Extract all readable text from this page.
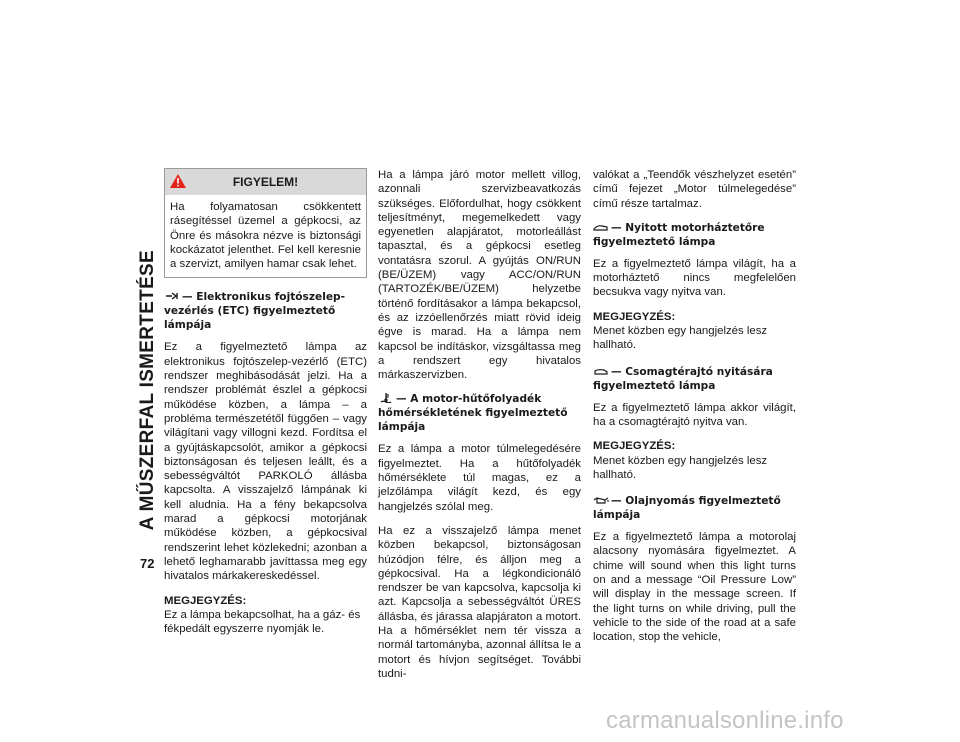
A MŰSZERFAL ISMERTETÉSE
72
FIGYELEM!
Ha folyamatosan csökkentett rásegítéssel üzemel a gépkocsi, az Önre és másokra nézve is biztonsági kockázatot jelenthet. Fel kell keresnie a szervizt, amilyen hamar csak lehet.
— Elektronikus fojtószelep-vezérlés (ETC) figyelmeztető lámpája

Ez a figyelmeztető lámpa az elektronikus fojtószelep-vezérlő (ETC) rendszer meghibásodását jelzi. Ha a rendszer problémát észlel a gépkocsi működése közben, a lámpa – a probléma természetétől függően – vagy világítani vagy villogni kezd. Fordítsa el a gyújtáskapcsolót, amikor a gépkocsi biztonságosan és teljesen leállt, és a sebességváltót PARKOLÓ állásba kapcsolta. A visszajelző lámpának ki kell aludnia. Ha a fény bekapcsolva marad a gépkocsi motorjának működése közben, a gépkocsival rendszerint lehet közlekedni; azonban a lehető leghamarabb javíttassa meg egy hivatalos márkakereskedéssel.

MEGJEGYZÉS:
Ez a lámpa bekapcsolhat, ha a gáz- és fékpedált egyszerre nyomják le.

Ha a lámpa járó motor mellett villog, azonnali szervizbeavatkozás szükséges. Előfordulhat, hogy csökkent teljesítményt, megemelkedett vagy egyenetlen alapjáratot, motorleállást tapasztal, és a gépkocsi esetleg vontatásra szorul. A gyújtás ON/RUN (BE/ÜZEM) vagy ACC/ON/RUN (TARTOZÉK/BE/ÜZEM) helyzetbe történő fordításakor a lámpa bekapcsol, és az izzóellenőrzés miatt rövid ideig égve is marad. Ha a lámpa nem kapcsol be indításkor, vizsgáltassa meg a rendszert egy hivatalos márkaszervizben.

— A motor-hűtőfolyadék hőmérsékletének figyelmeztető lámpája

Ez a lámpa a motor túlmelegedésére figyelmeztet. Ha a hűtőfolyadék hőmérséklete túl magas, ez a jelzőlámpa világít kezd, és egy hangjelzés szólal meg.

Ha ez a visszajelző lámpa menet közben bekapcsol, biztonságosan húzódjon félre, és álljon meg a gépkocsival. Ha a légkondicionáló rendszer be van kapcsolva, kapcsolja ki azt. Kapcsolja a sebességváltót ÜRES állásba, és járassa alapjáraton a motort. Ha a hőmérséklet nem tér vissza a normál tartományba, azonnal állítsa le a motort és hívjon segítséget. További tudni-

valókat a „Teendők vészhelyzet esetén” című fejezet „Motor túlmelegedése” című része tartalmaz.

— Nyitott motorháztetőre figyelmeztető lámpa

Ez a figyelmeztető lámpa világít, ha a motorháztető nincs megfelelően becsukva vagy nyitva van.

MEGJEGYZÉS:
Menet közben egy hangjelzés lesz hallható.
— Csomagtérajtó nyitására figyelmeztető lámpa

Ez a figyelmeztető lámpa akkor világít, ha a csomagtérajtó nyitva van.

MEGJEGYZÉS:
Menet közben egy hangjelzés lesz hallható.
— Olajnyomás figyelmeztető lámpája

Ez a figyelmeztető lámpa a motorolaj alacsony nyomására figyelmeztet. A chime will sound when this light turns on and a message “Oil Pressure Low” will display in the message screen. If the light turns on while driving, pull the vehicle to the side of the road at a safe location, stop the vehicle,

carmanualsonline.info
